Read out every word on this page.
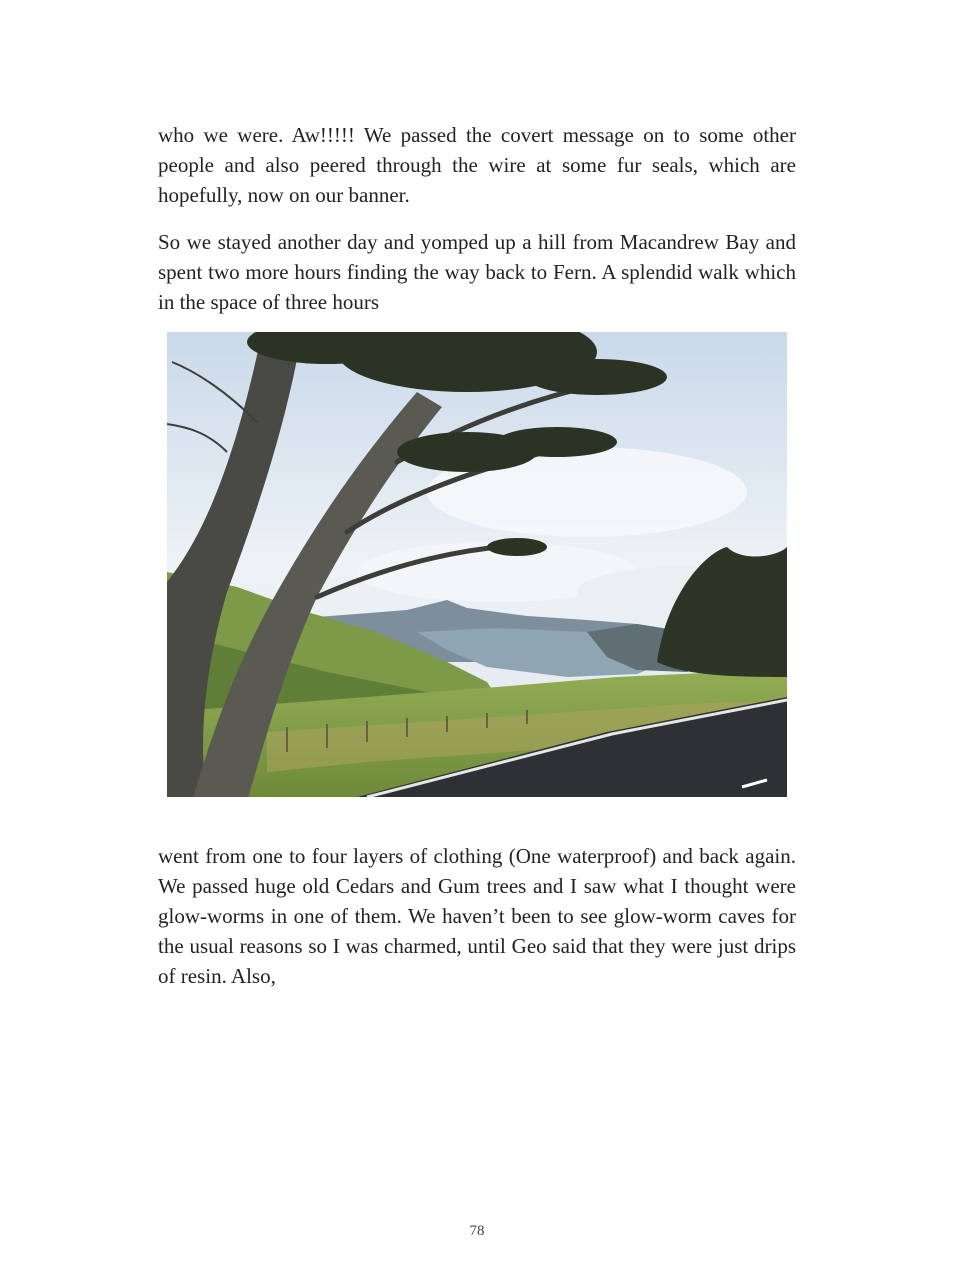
who we were. Aw!!!!! We passed the covert message on to some other people and also peered through the wire at some fur seals, which are hopefully, now on our banner.

So we stayed another day and yomped up a hill from Macandrew Bay and spent two more hours finding the way back to Fern. A splendid walk which in the space of three hours

went from one to four layers of clothing (One waterproof) and back again. We passed huge old Cedars and Gum trees and I saw what I thought were glow-worms in one of them. We haven’t been to see glow-worm caves for the usual reasons so I was charmed, until Geo said that they were just drips of resin. Also,

78
